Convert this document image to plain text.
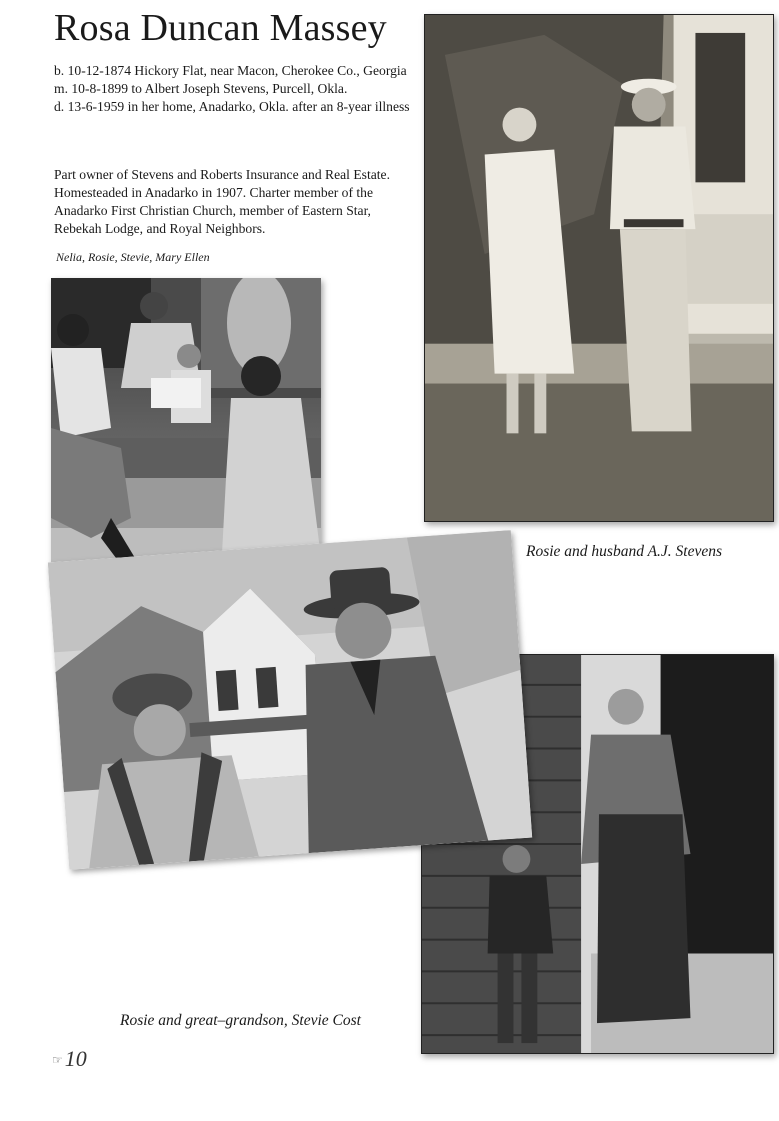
Rosa Duncan Massey
b. 10-12-1874 Hickory Flat, near Macon, Cherokee Co., Georgia
m. 10-8-1899 to Albert Joseph Stevens, Purcell, Okla.
d. 13-6-1959 in her home, Anadarko, Okla. after an 8-year illness
Part owner of Stevens and Roberts Insurance and Real Estate. Homesteaded in Anadarko in 1907. Charter member of the Anadarko First Christian Church, member of Eastern Star, Rebekah Lodge, and Royal Neighbors.
Nelia, Rosie, Stevie, Mary Ellen
Rosie and husband A.J. Stevens
Rosie and great–grandson, Stevie Cost
☞10
